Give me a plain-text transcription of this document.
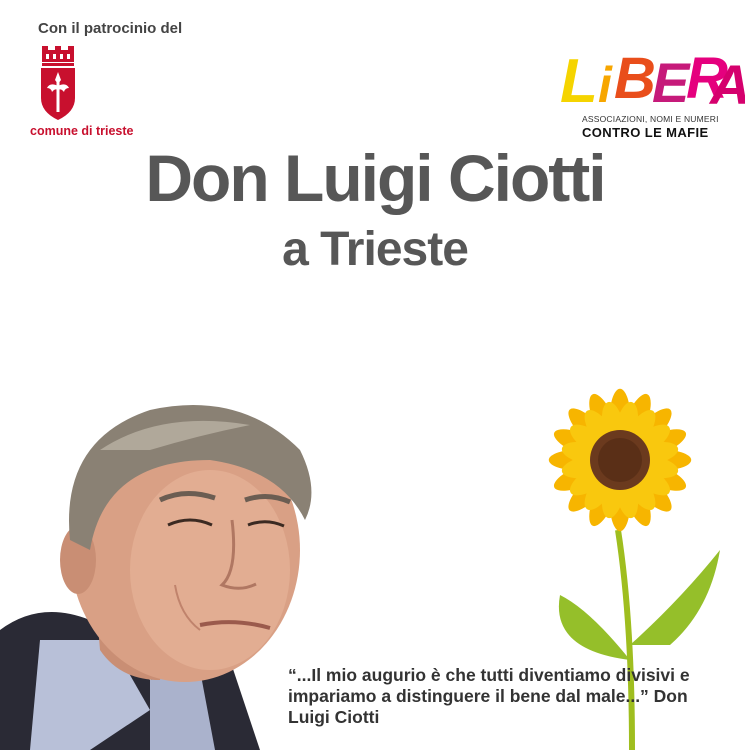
Con il patrocinio del
comune di trieste
L i B
E
R
ASSOCIAZIONI, NOMI E NUMERI
CONTRO LE MAFIE
Don Luigi Ciotti
a Trieste
“...Il mio augurio è che tutti diventiamo divisivi e impariamo a distinguere il bene dal male...” Don Luigi Ciotti
